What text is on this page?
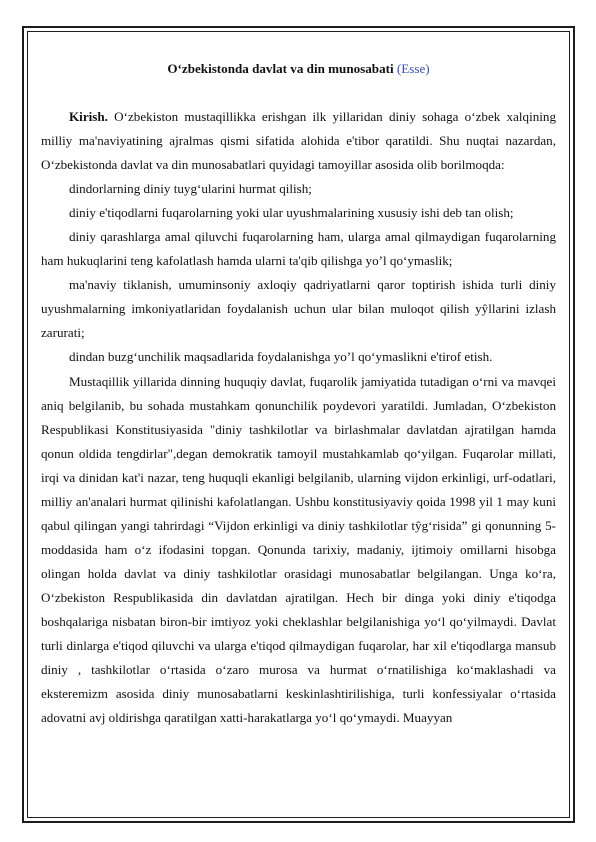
O‘zbekistonda davlat va din munosabati (Esse)

Kirish. O‘zbekiston mustaqillikka erishgan ilk yillaridan diniy sohaga o‘zbek xalqining milliy ma'naviyatining ajralmas qismi sifatida alohida e'tibor qaratildi. Shu nuqtai nazardan, O‘zbekistonda davlat va din munosabatlari quyidagi tamoyillar asosida olib borilmoqda:

dindorlarning diniy tuyg‘ularini hurmat qilish;

diniy e'tiqodlarni fuqarolarning yoki ular uyushmalarining xususiy ishi deb tan olish;

diniy qarashlarga amal qiluvchi fuqarolarning ham, ularga amal qilmaydigan fuqarolarning ham hukuqlarini teng kafolatlash hamda ularni ta'qib qilishga yo’l qo‘ymaslik;

ma'naviy tiklanish, umuminsoniy axloqiy qadriyatlarni qaror toptirish ishida turli diniy uyushmalarning imkoniyatlaridan foydalanish uchun ular bilan muloqot qilish yŷllarini izlash zarurati;

dindan buzg‘unchilik maqsadlarida foydalanishga yo’l qo‘ymaslikni e'tirof etish.

Mustaqillik yillarida dinning huquqiy davlat, fuqarolik jamiyatida tutadigan o‘rni va mavqei aniq belgilanib, bu sohada mustahkam qonunchilik poydevori yaratildi. Jumladan, O‘zbekiston Respublikasi Konstitusiyasida "diniy tashkilotlar va birlashmalar davlatdan ajratilgan hamda qonun oldida tengdirlar",degan demokratik tamoyil mustahkamlab qo‘yilgan. Fuqarolar millati, irqi va dinidan kat'i nazar, teng huquqli ekanligi belgilanib, ularning vijdon erkinligi, urf-odatlari, milliy an'analari hurmat qilinishi kafolatlangan. Ushbu konstitusiyaviy qoida 1998 yil 1 may kuni qabul qilingan yangi tahrirdagi “Vijdon erkinligi va diniy tashkilotlar tŷg‘risida” gi qonunning 5-moddasida ham o‘z ifodasini topgan. Qonunda tarixiy, madaniy, ijtimoiy omillarni hisobga olingan holda davlat va diniy tashkilotlar orasidagi munosabatlar belgilangan. Unga ko‘ra, O‘zbekiston Respublikasida din davlatdan ajratilgan. Hech bir dinga yoki diniy e'tiqodga boshqalariga nisbatan biron-bir imtiyoz yoki cheklashlar belgilanishiga yo‘l qo‘yilmaydi. Davlat turli dinlarga e'tiqod qiluvchi va ularga e'tiqod qilmaydigan fuqarolar, har xil e'tiqodlarga mansub diniy , tashkilotlar o‘rtasida o‘zaro murosa va hurmat o‘rnatilishiga ko‘maklashadi va eksteremizm asosida diniy munosabatlarni keskinlashtirilishiga, turli konfessiyalar o‘rtasida adovatni avj oldirishga qaratilgan xatti-harakatlarga yo‘l qo‘ymaydi. Muayyan
